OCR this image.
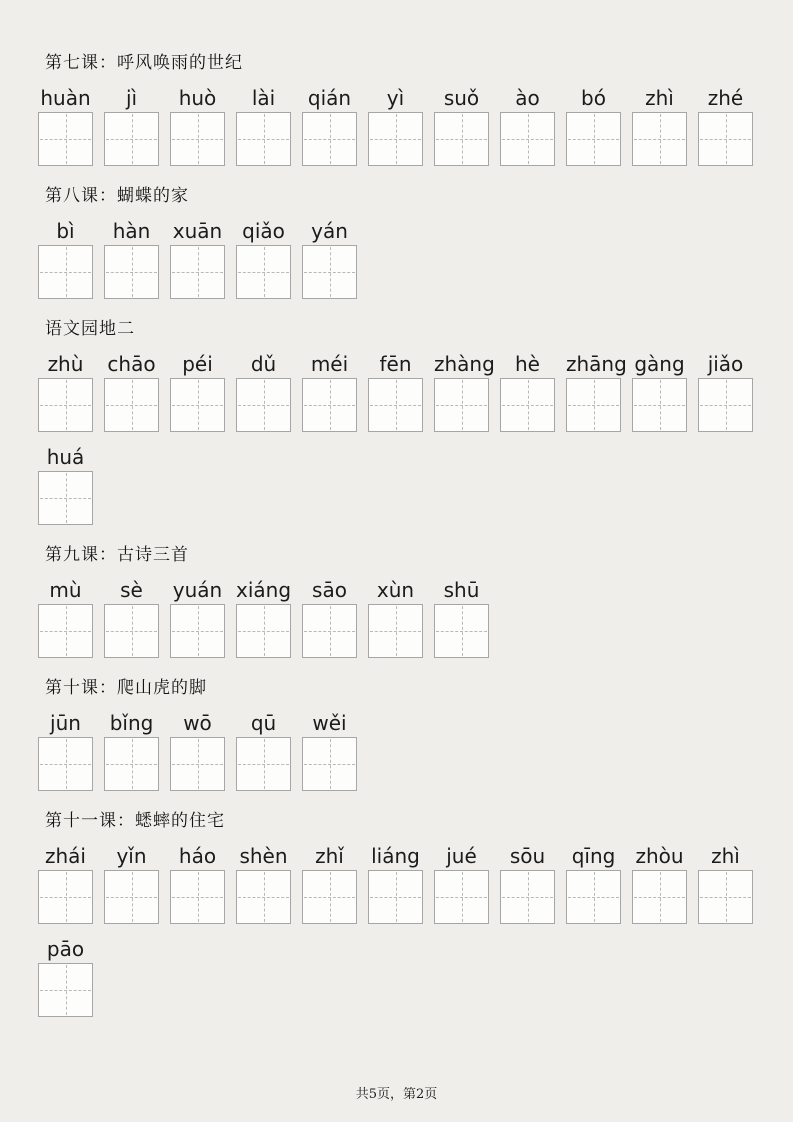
第七课：呼风唤雨的世纪
huàn	jì	huò	lài	qián	yì	suǒ	ào	bó	zhì	zhé
第八课：蝴蝶的家
bì	hàn	xuān qiǎo	yán
语文园地二
zhù	chāo	péi	dǔ	méi	fēn	zhàng	hè	zhāng gàng	jiǎo
huá
第九课：古诗三首
mù	sè	yuán xiáng	sāo	xùn	shū
第十课：爬山虎的脚
jūn	bǐng	wō	qū	wěi
第十一课：蟋蟀的住宅
zhái	yǐn	háo	shèn	zhǐ	liáng	jué	sōu	qīng zhòu	zhì
pāo
共5页，第2页
